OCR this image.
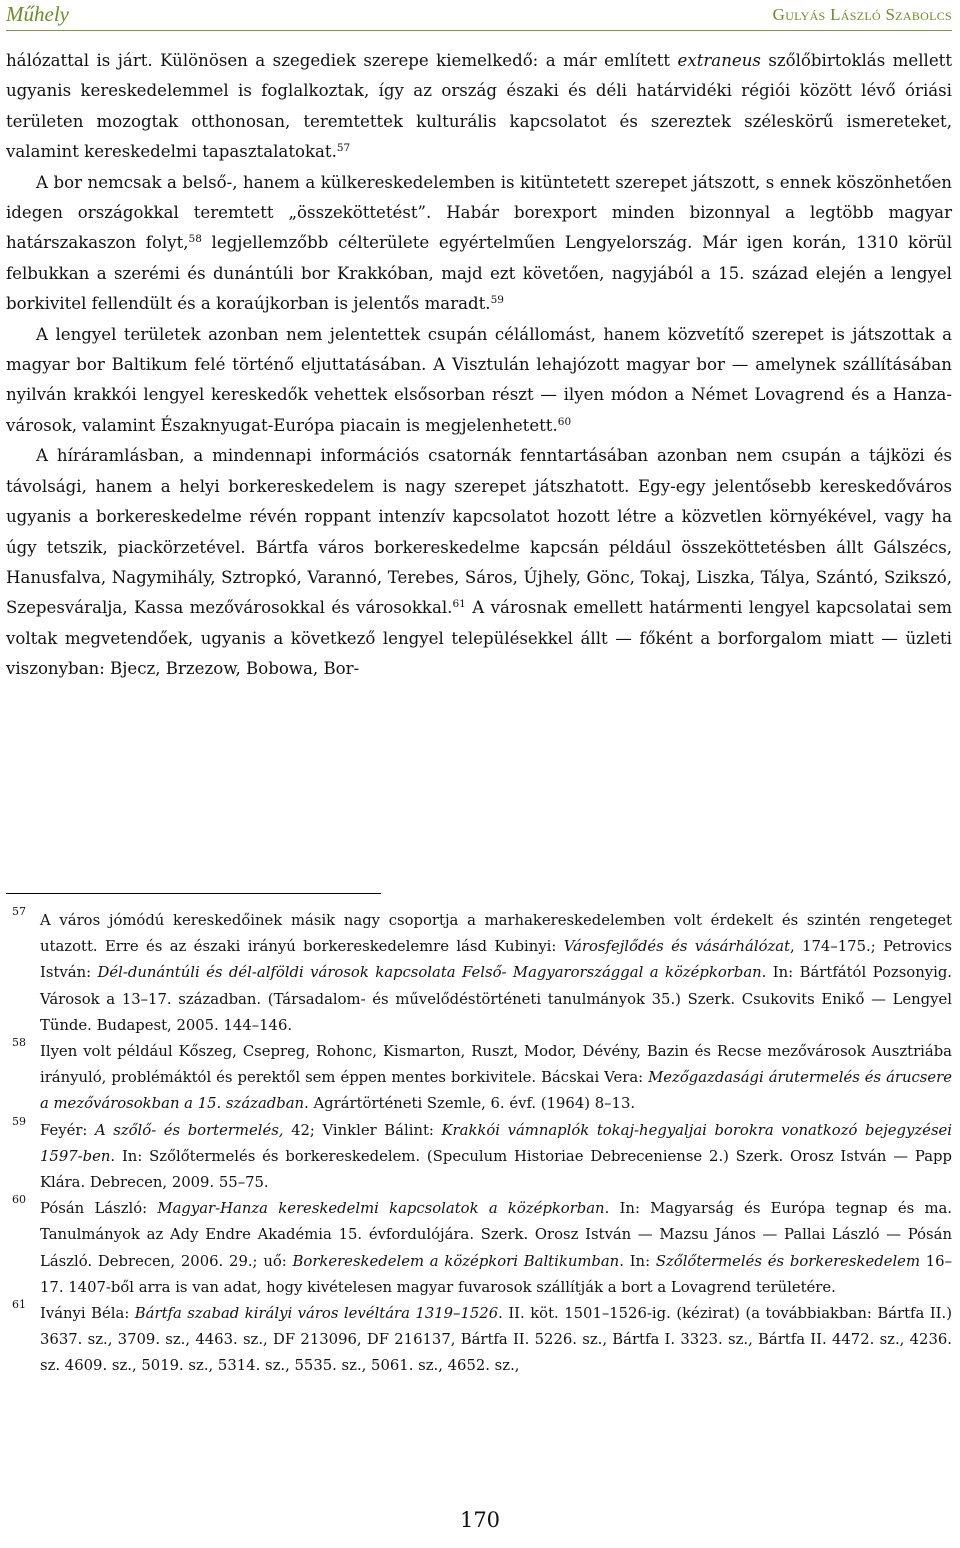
Műhely	Gulyás László Szabolcs

hálózattal is járt. Különösen a szegediek szerepe kiemelkedő: a már említett extraneus szőlőbirtoklás mellett ugyanis kereskedelemmel is foglalkoztak, így az ország északi és déli határvidéki régiói között lévő óriási területen mozogtak otthonosan, teremtettek kulturális kapcsolatot és szereztek széleskörű ismereteket, valamint kereskedelmi tapasztalatokat.$^{57}$

A bor nemcsak a belső-, hanem a külkereskedelemben is kitüntetett szerepet játszott, s ennek köszönhetően idegen országokkal teremtett „összeköttetést”. Habár borexport minden bizonnyal a legtöbb magyar határszakaszon folyt,$^{58}$ legjellemzőbb célterülete egyértelműen Lengyelország. Már igen korán, 1310 körül felbukkan a szerémi és dunántúli bor Krakkóban, majd ezt követően, nagyjából a 15. század elején a lengyel borkivitel fellendült és a koraújkorban is jelentős maradt.$^{59}$

A lengyel területek azonban nem jelentettek csupán célállomást, hanem közvetítő szerepet is játszottak a magyar bor Baltikum felé történő eljuttatásában. A Visztulán lehajózott magyar bor — amelynek szállításában nyilván krakkói lengyel kereskedők vehettek elsősorban részt — ilyen módon a Német Lovagrend és a Hanza-városok, valamint Északnyugat-Európa piacain is megjelenhetett.$^{60}$

A híráramlásban, a mindennapi információs csatornák fenntartásában azonban nem csupán a tájközi és távolsági, hanem a helyi borkereskedelem is nagy szerepet játszhatott. Egy-egy jelentősebb kereskedőváros ugyanis a borkereskedelme révén roppant intenzív kapcsolatot hozott létre a közvetlen környékével, vagy ha úgy tetszik, piackörzetével. Bártfa város borkereskedelme kapcsán például összeköttetésben állt Gálszécs, Hanusfalva, Nagymihály, Sztropkó, Varannó, Terebes, Sáros, Újhely, Gönc, Tokaj, Liszka, Tálya, Szántó, Szikszó, Szepesváralja, Kassa mezővárosokkal és városokkal.$^{61}$ A városnak emellett határmenti lengyel kapcsolatai sem voltak megvetendőek, ugyanis a következő lengyel településekkel állt — főként a borforgalom miatt — üzleti viszonyban: Bjecz, Brzezow, Bobowa, Bor-

57
A város jómódú kereskedőinek másik nagy csoportja a marhakereskedelemben volt érdekelt és szintén rengeteget utazott. Erre és az északi irányú borkereskedelemre lásd Kubinyi: Városfejlődés és vásárhálózat, 174–175.; Petrovics István: Dél-dunántúli és dél-alföldi városok kapcsolata Felső- Magyarországgal a középkorban. In: Bártfától Pozsonyig. Városok a 13–17. században. (Társadalom- és művelődéstörténeti tanulmányok 35.) Szerk. Csukovits Enikő — Lengyel Tünde. Budapest, 2005. 144–146.
58
Ilyen volt például Kőszeg, Csepreg, Rohonc, Kismarton, Ruszt, Modor, Dévény, Bazin és Recse mezővárosok Ausztriába irányuló, problémáktól és perektől sem éppen mentes borkivitele. Bácskai Vera: Mezőgazdasági árutermelés és árucsere a mezővárosokban a 15. században. Agrártörténeti Szemle, 6. évf. (1964) 8–13.
59
Feyér: A szőlő- és bortermelés, 42; Vinkler Bálint: Krakkói vámnaplók tokaj-hegyaljai borokra vonatkozó bejegyzései 1597-ben. In: Szőlőtermelés és borkereskedelem. (Speculum Historiae Debreceniense 2.) Szerk. Orosz István — Papp Klára. Debrecen, 2009. 55–75.
60
Pósán László: Magyar-Hanza kereskedelmi kapcsolatok a középkorban. In: Magyarság és Európa tegnap és ma. Tanulmányok az Ady Endre Akadémia 15. évfordulójára. Szerk. Orosz István — Mazsu János — Pallai László — Pósán László. Debrecen, 2006. 29.; uő: Borkereskedelem a középkori Baltikumban. In: Szőlőtermelés és borkereskedelem 16–17. 1407-ből arra is van adat, hogy kivételesen magyar fuvarosok szállítják a bort a Lovagrend területére.
61
Iványi Béla: Bártfa szabad királyi város levéltára 1319–1526. II. köt. 1501–1526-ig. (kézirat) (a továbbiakban: Bártfa II.) 3637. sz., 3709. sz., 4463. sz., DF 213096, DF 216137, Bártfa II. 5226. sz., Bártfa I. 3323. sz., Bártfa II. 4472. sz., 4236. sz. 4609. sz., 5019. sz., 5314. sz., 5535. sz., 5061. sz., 4652. sz.,
170
